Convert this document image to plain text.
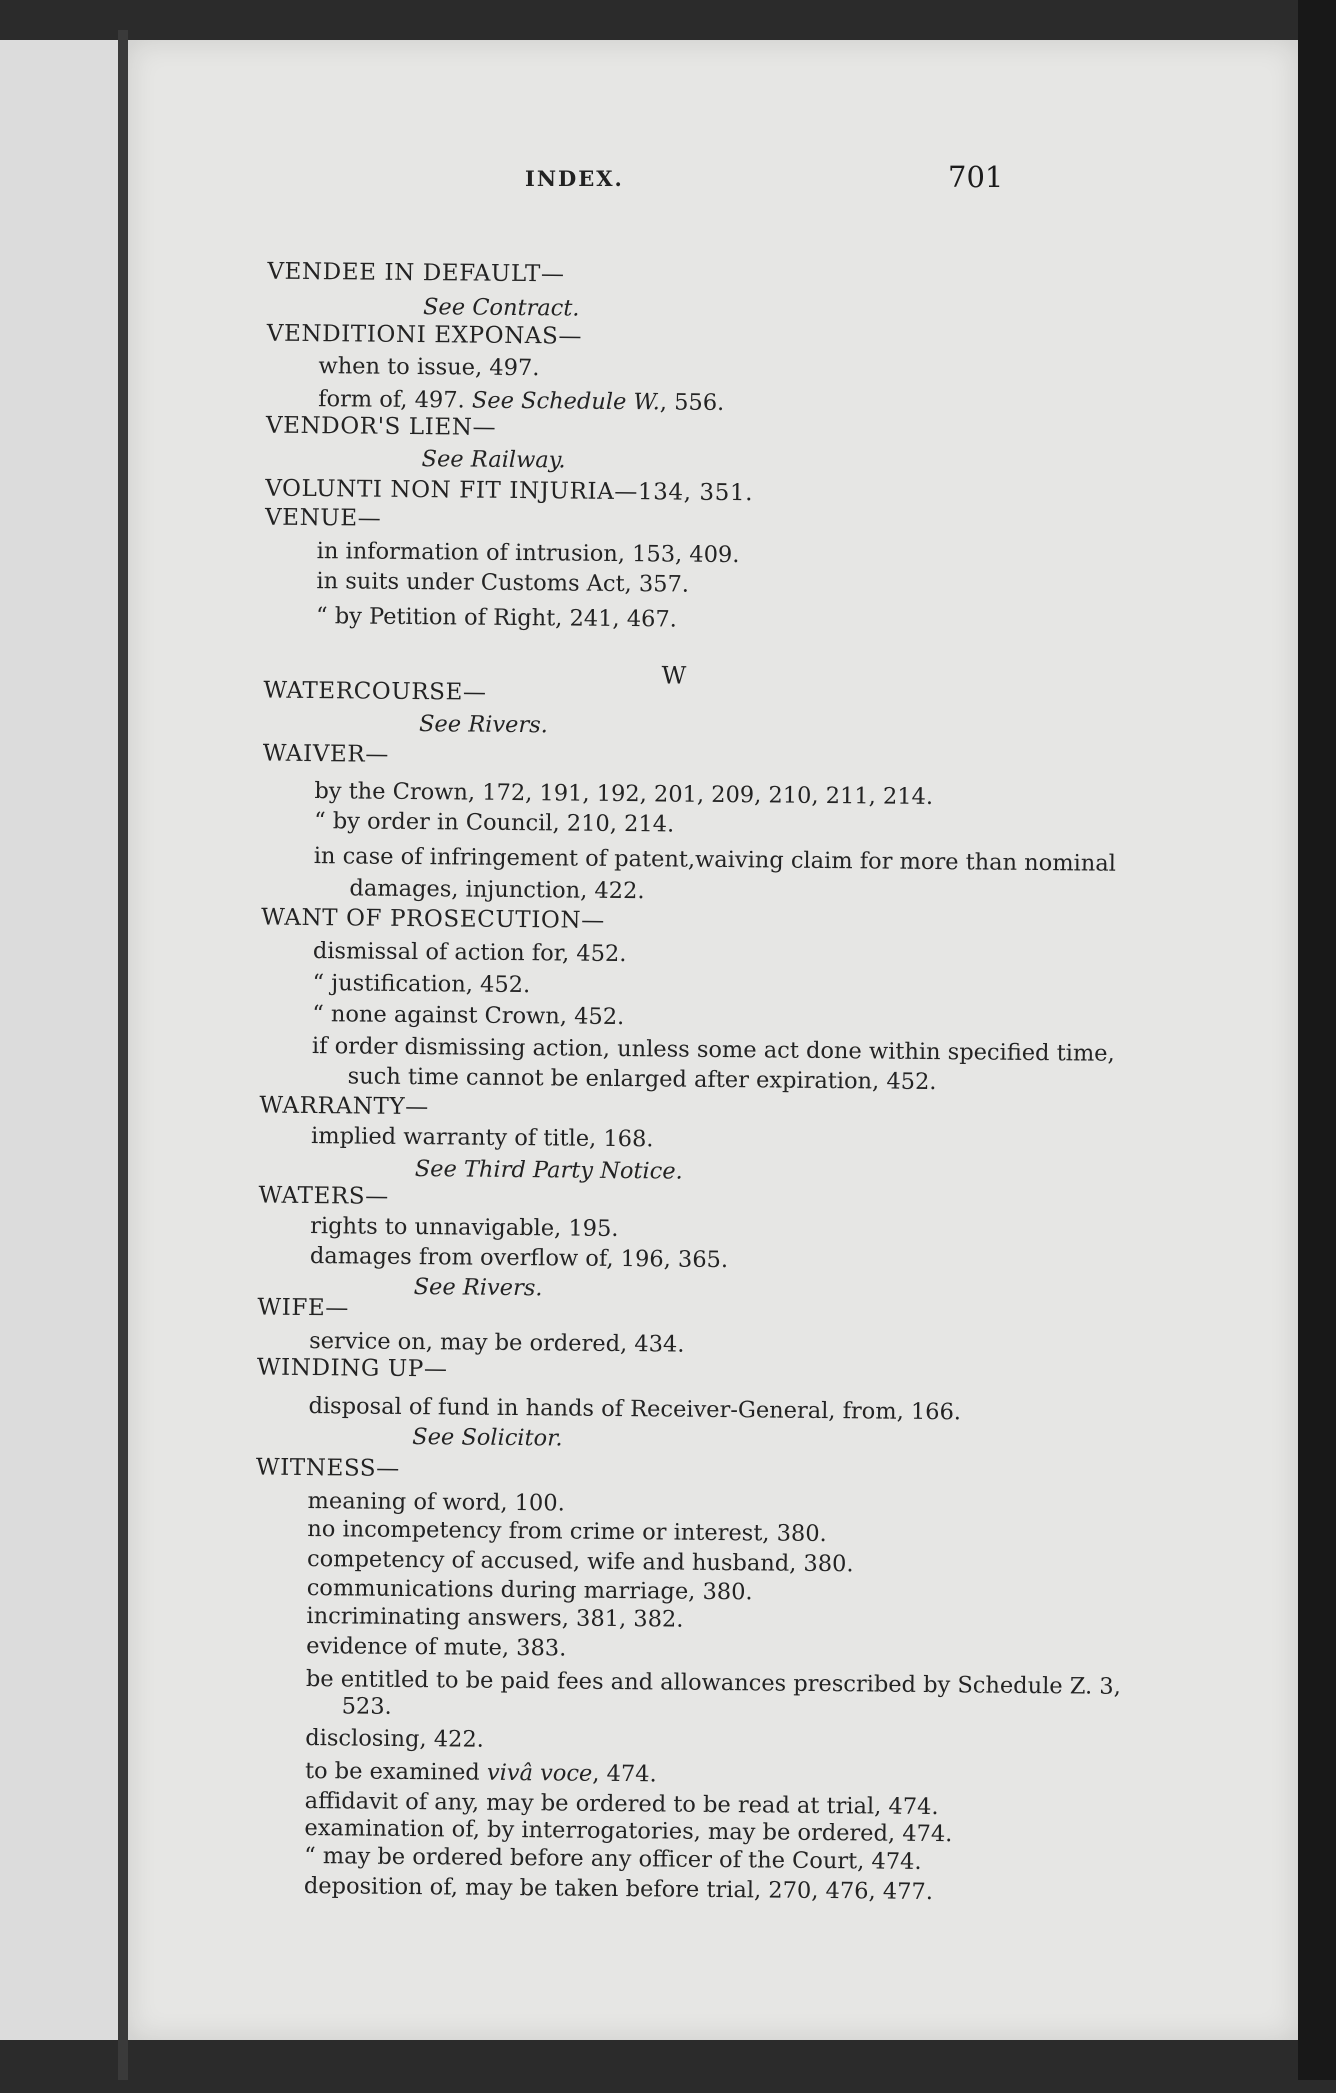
INDEX.	701
VENDEE IN DEFAULT—
See Contract.
VENDITIONI EXPONAS—
when to issue, 497.
form of, 497. See Schedule W., 556.
VENDOR'S LIEN—
See Railway.
VOLUNTI NON FIT INJURIA—134, 351.
VENUE—
in information of intrusion, 153, 409.
in suits under Customs Act, 357.
“ by Petition of Right, 241, 467.
WATERCOURSE—
See Rivers.
WAIVER—
by the Crown, 172, 191, 192, 201, 209, 210, 211, 214.
“ by order in Council, 210, 214.
in case of infringement of patent,waiving claim for more than nominal
damages, injunction, 422.
WANT OF PROSECUTION—
dismissal of action for, 452.
“ justification, 452.
“ none against Crown, 452.
if order dismissing action, unless some act done within specified time,
such time cannot be enlarged after expiration, 452.
WARRANTY—
implied warranty of title, 168.
See Third Party Notice.
WATERS—
rights to unnavigable, 195.
damages from overflow of, 196, 365.
See Rivers.
WIFE—
service on, may be ordered, 434.
WINDING UP—
disposal of fund in hands of Receiver-General, from, 166.
See Solicitor.
WITNESS—
meaning of word, 100.
no incompetency from crime or interest, 380.
competency of accused, wife and husband, 380.
communications during marriage, 380.
incriminating answers, 381, 382.
evidence of mute, 383.
be entitled to be paid fees and allowances prescribed by Schedule Z. 3,
523.
disclosing, 422.
to be examined vivâ voce, 474.
affidavit of any, may be ordered to be read at trial, 474.
examination of, by interrogatories, may be ordered, 474.
“ may be ordered before any officer of the Court, 474.
deposition of, may be taken before trial, 270, 476, 477.
W
